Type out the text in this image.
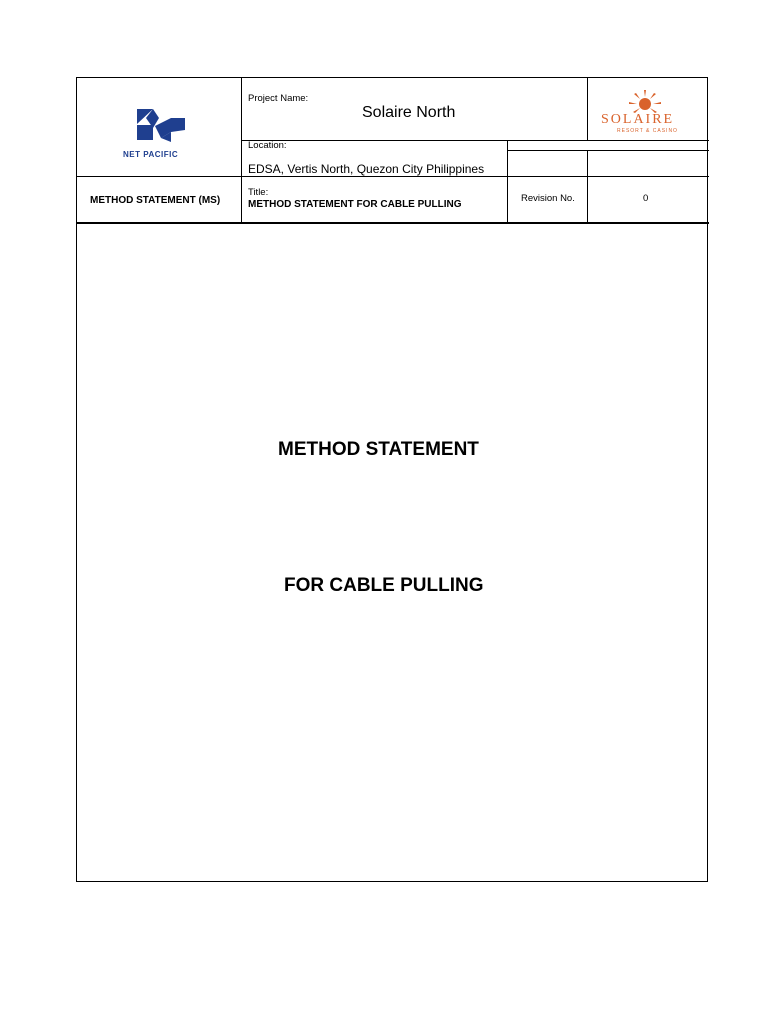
NET PACIFIC
Project Name:
Solaire North	SOLAIRE
RESORT & CASINO
Location:
EDSA, Vertis North, Quezon City Philippines
METHOD STATEMENT (MS)
Title:
METHOD STATEMENT FOR CABLE PULLING
Revision No.	0
METHOD STATEMENT
FOR CABLE PULLING
